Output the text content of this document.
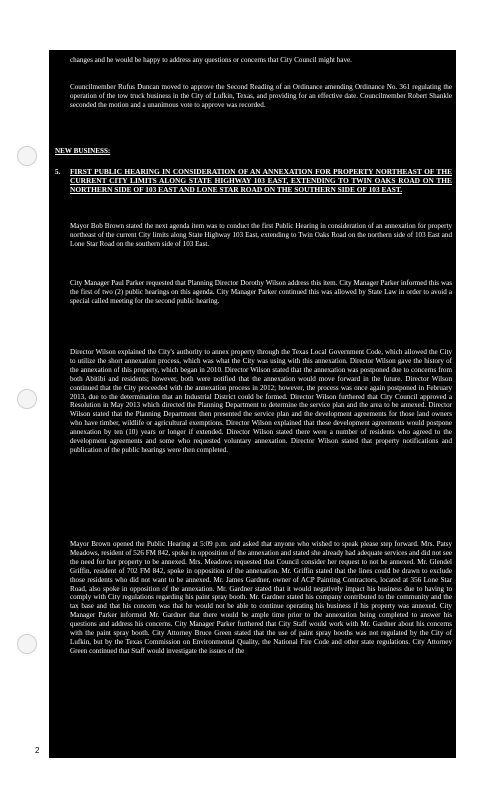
changes and he would be happy to address any questions or concerns that City Council might have.

Councilmember Rufus Duncan moved to approve the Second Reading of an Ordinance amending Ordinance No. 361 regulating the operation of the tow truck business in the City of Lufkin, Texas, and providing for an effective date. Councilmember Robert Shankle seconded the motion and a unanimous vote to approve was recorded.

NEW BUSINESS:

5. FIRST PUBLIC HEARING IN CONSIDERATION OF AN ANNEXATION FOR PROPERTY NORTHEAST OF THE CURRENT CITY LIMITS ALONG STATE HIGHWAY 103 EAST, EXTENDING TO TWIN OAKS ROAD ON THE NORTHERN SIDE OF 103 EAST AND LONE STAR ROAD ON THE SOUTHERN SIDE OF 103 EAST.

Mayor Bob Brown stated the next agenda item was to conduct the first Public Hearing in consideration of an annexation for property northeast of the current City limits along State Highway 103 East, extending to Twin Oaks Road on the northern side of 103 East and Lone Star Road on the southern side of 103 East.

City Manager Paul Parker requested that Planning Director Dorothy Wilson address this item. City Manager Parker informed this was the first of two (2) public hearings on this agenda. City Manager Parker continued this was allowed by State Law in order to avoid a special called meeting for the second public hearing.

Director Wilson explained the City's authority to annex property through the Texas Local Government Code, which allowed the City to utilize the short annexation process, which was what the City was using with this annexation. Director Wilson gave the history of the annexation of this property, which began in 2010. Director Wilson stated that the annexation was postponed due to concerns from both Abitibi and residents; however, both were notified that the annexation would move forward in the future. Director Wilson continued that the City proceeded with the annexation process in 2012; however, the process was once again postponed in February 2013, due to the determination that an Industrial District could be formed. Director Wilson furthered that City Council approved a Resolution in May 2013 which directed the Planning Department to determine the service plan and the area to be annexed. Director Wilson stated that the Planning Department then presented the service plan and the development agreements for those land owners who have timber, wildlife or agricultural exemptions. Director Wilson explained that these development agreements would postpone annexation by ten (10) years or longer if extended. Director Wilson stated there were a number of residents who agreed to the development agreements and some who requested voluntary annexation. Director Wilson stated that property notifications and publication of the public hearings were then completed.

Mayor Brown opened the Public Hearing at 5:09 p.m. and asked that anyone who wished to speak please step forward. Mrs. Patsy Meadows, resident of 526 FM 842, spoke in opposition of the annexation and stated she already had adequate services and did not see the need for her property to be annexed. Mrs. Meadows requested that Council consider her request to not be annexed. Mr. Glendel Griffin, resident of 702 FM 842, spoke in opposition of the annexation. Mr. Griffin stated that the lines could be drawn to exclude those residents who did not want to be annexed. Mr. James Gardner, owner of ACP Painting Contractors, located at 356 Lone Star Road, also spoke in opposition of the annexation. Mr. Gardner stated that it would negatively impact his business due to having to comply with City regulations regarding his paint spray booth. Mr. Gardner stated his company contributed to the community and the tax base and that his concern was that he would not be able to continue operating his business if his property was annexed. City Manager Parker informed Mr. Gardner that there would be ample time prior to the annexation being completed to answer his questions and address his concerns. City Manager Parker furthered that City Staff would work with Mr. Gardner about his concerns with the paint spray booth. City Attorney Bruce Green stated that the use of paint spray booths was not regulated by the City of Lufkin, but by the Texas Commission on Environmental Quality, the National Fire Code and other state regulations. City Attorney Green continued that Staff would investigate the issues of the

Lufkin City Council Minutes – August 6, 2013
2
